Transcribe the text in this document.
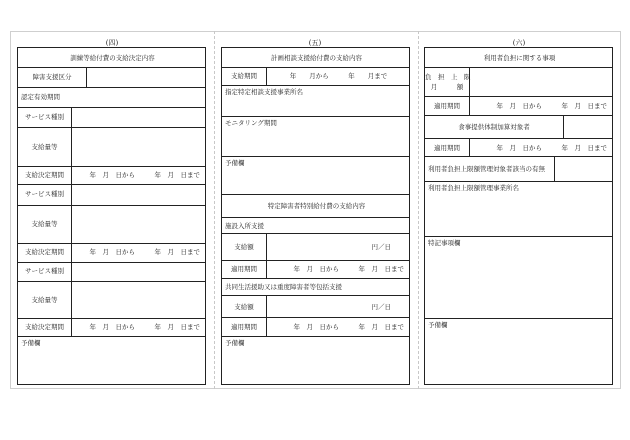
(四)	(五)	(六)
訓練等給付費の支給決定内容
障害支援区分
認定有効期間
サービス種別
支給量等
支給決定期間	年　月　日から　　　年　月　日まで
サービス種別
支給量等
支給決定期間	年　月　日から　　　年　月　日まで
サービス種別
支給量等
支給決定期間	年　月　日から　　　年　月　日まで
予備欄
計画相談支援給付費の支給内容
支給期間	年　　月から　　　年　　月まで
指定特定相談支援事業所名
モニタリング期間
予備欄
特定障害者特別給付費の支給内容
施設入所支援
支給額	円／日
適用期間	年　月　日から　　　年　月　日まで
共同生活援助又は重度障害者等包括支援
支給額	円／日
適用期間	年　月　日から　　　年　月　日まで
予備欄
利用者負担に関する事項
負　担　上　限
月　　　額
適用期間	年　月　日から　　　年　月　日まで
食事提供体制加算対象者
適用期間	年　月　日から　　　年　月　日まで
利用者負担上限額管理対象者該当の有無
利用者負担上限額管理事業所名
特記事項欄
予備欄
